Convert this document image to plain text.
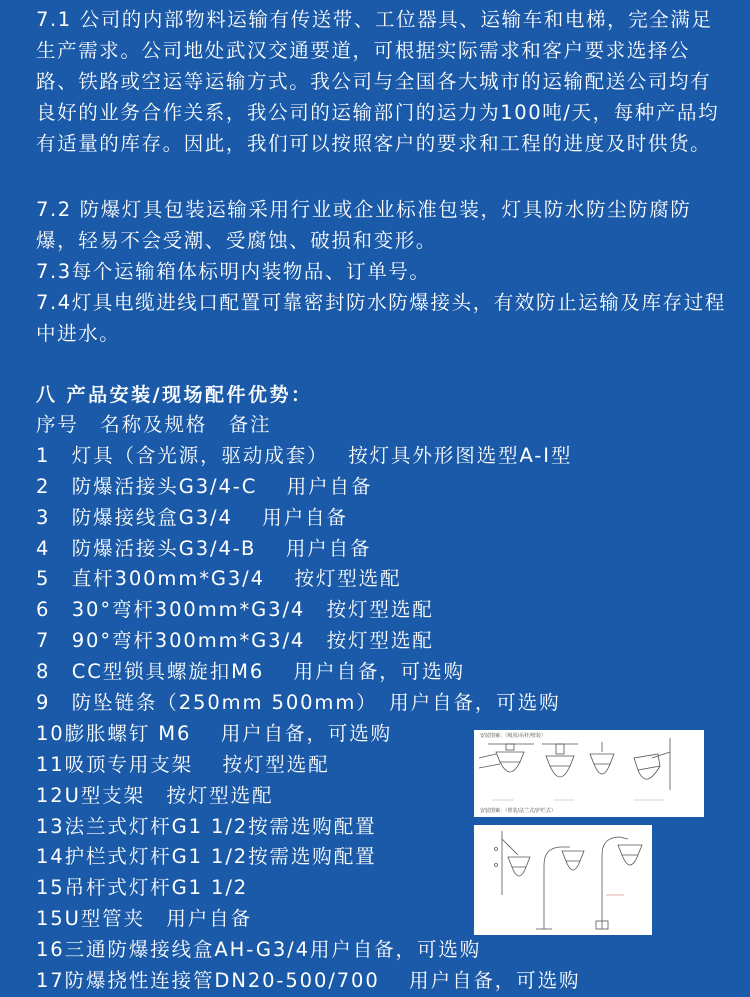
7.1 公司的内部物料运输有传送带、工位器具、运输车和电梯，完全满足生产需求。公司地处武汉交通要道，可根据实际需求和客户要求选择公路、铁路或空运等运输方式。我公司与全国各大城市的运输配送公司均有良好的业务合作关系，我公司的运输部门的运力为100吨/天，每种产品均有适量的库存。因此，我们可以按照客户的要求和工程的进度及时供货。

7.2 防爆灯具包装运输采用行业或企业标准包装，灯具防水防尘防腐防爆，轻易不会受潮、受腐蚀、破损和变形。

7.3每个运输箱体标明内装物品、订单号。

7.4灯具电缆进线口配置可靠密封防水防爆接头，有效防止运输及库存过程中进水。

八 产品安装/现场配件优势：
序号　名称及规格　备注
1　灯具（含光源，驱动成套）　 按灯具外形图选型A-I型
2　防爆活接头G3/4-C　 用户自备
3　防爆接线盒G3/4　 用户自备
4　防爆活接头G3/4-B　 用户自备
5　直杆300mm*G3/4　 按灯型选配
6　30°弯杆300mm*G3/4　按灯型选配
7　90°弯杆300mm*G3/4　按灯型选配
8　CC型锁具螺旋扣M6　 用户自备，可选购
9　防坠链条（250mm 500mm）　用户自备，可选购
10膨胀螺钉 M6　 用户自备，可选购
11吸顶专用支架　 按灯型选配
12U型支架　按灯型选配
13法兰式灯杆G1 1/2按需选购配置
14护栏式灯杆G1 1/2按需选购配置
15吊杆式灯杆G1 1/2
15U型管夹　用户自备
16三通防爆接线盒AH-G3/4用户自备，可选购
17防爆挠性连接管DN20-500/700　 用户自备，可选购
安装图案：（吸顶/吊杆/壁装）
安装图案：（壁装/法兰式/护栏式）
